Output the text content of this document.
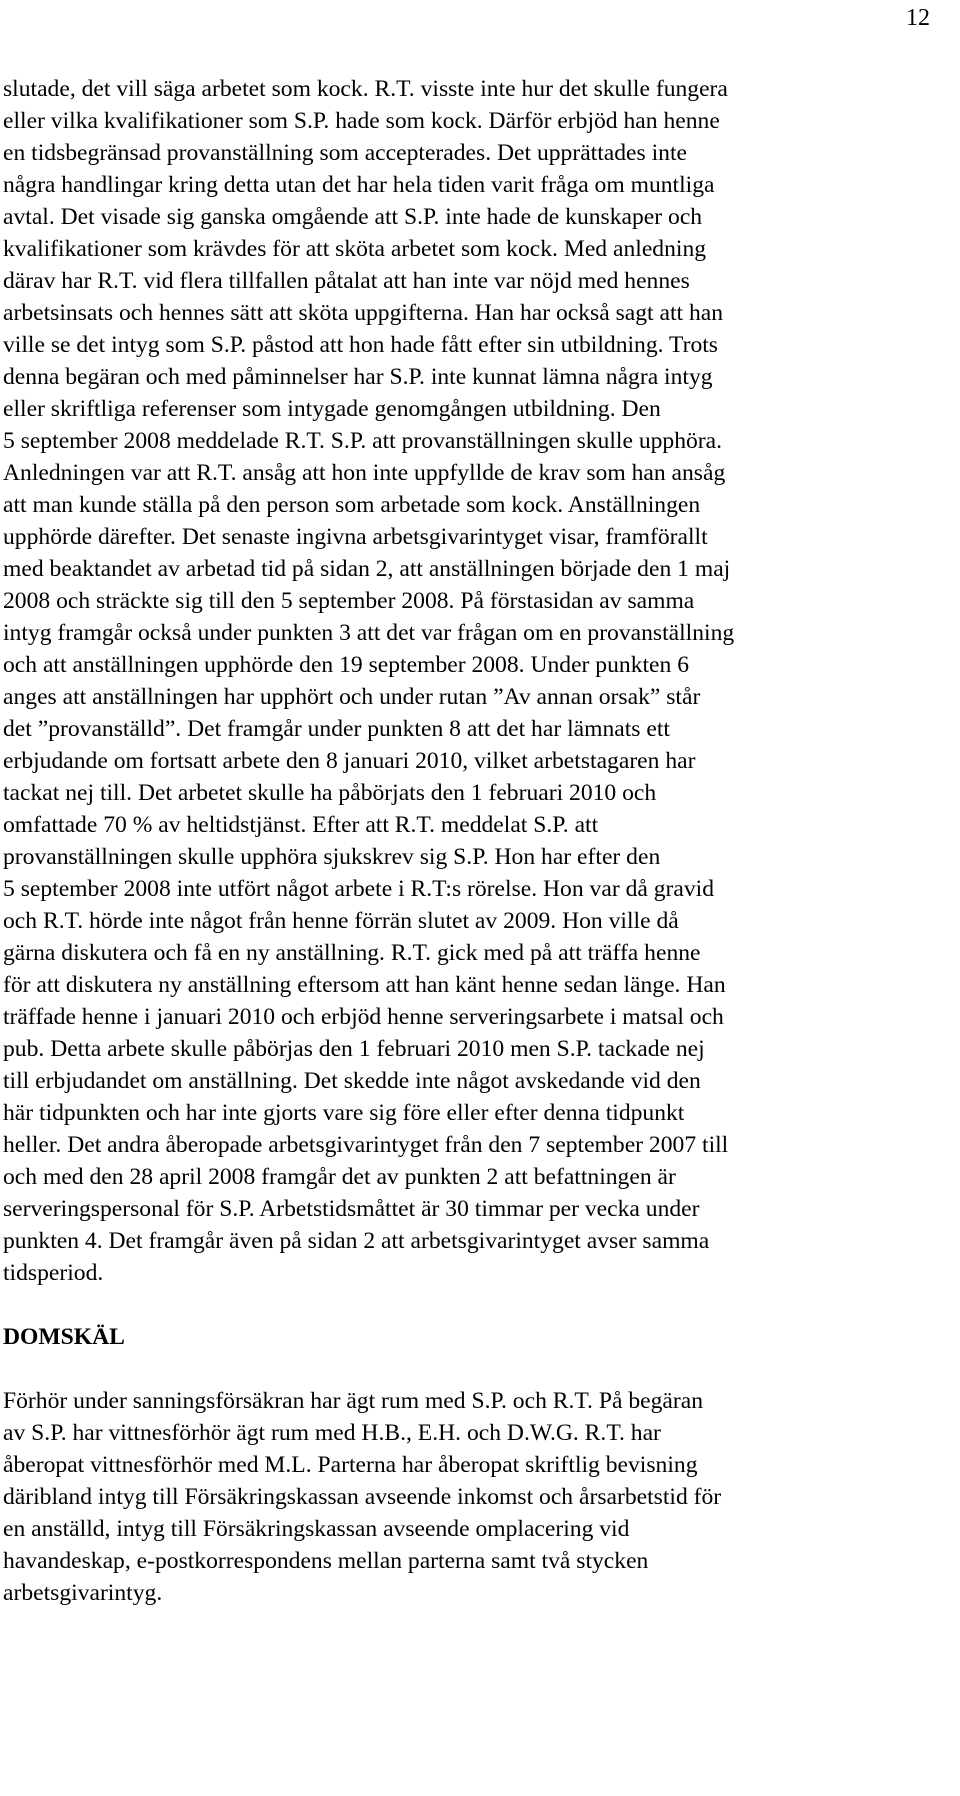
12
slutade, det vill säga arbetet som kock. R.T. visste inte hur det skulle fungera
eller vilka kvalifikationer som S.P. hade som kock. Därför erbjöd han henne
en tidsbegränsad provanställning som accepterades. Det upprättades inte
några handlingar kring detta utan det har hela tiden varit fråga om muntliga
avtal. Det visade sig ganska omgående att S.P. inte hade de kunskaper och
kvalifikationer som krävdes för att sköta arbetet som kock. Med anledning
därav har R.T. vid flera tillfallen påtalat att han inte var nöjd med hennes
arbetsinsats och hennes sätt att sköta uppgifterna. Han har också sagt att han
ville se det intyg som S.P. påstod att hon hade fått efter sin utbildning. Trots
denna begäran och med påminnelser har S.P. inte kunnat lämna några intyg
eller skriftliga referenser som intygade genomgången utbildning. Den
5 september 2008 meddelade R.T. S.P. att provanställningen skulle upphöra.
Anledningen var att R.T. ansåg att hon inte uppfyllde de krav som han ansåg
att man kunde ställa på den person som arbetade som kock. Anställningen
upphörde därefter. Det senaste ingivna arbetsgivarintyget visar, framförallt
med beaktandet av arbetad tid på sidan 2, att anställningen började den 1 maj
2008 och sträckte sig till den 5 september 2008. På förstasidan av samma
intyg framgår också under punkten 3 att det var frågan om en provanställning
och att anställningen upphörde den 19 september 2008. Under punkten 6
anges att anställningen har upphört och under rutan ”Av annan orsak” står
det ”provanställd”. Det framgår under punkten 8 att det har lämnats ett
erbjudande om fortsatt arbete den 8 januari 2010, vilket arbetstagaren har
tackat nej till. Det arbetet skulle ha påbörjats den 1 februari 2010 och
omfattade 70 % av heltidstjänst. Efter att R.T. meddelat S.P. att
provanställningen skulle upphöra sjukskrev sig S.P. Hon har efter den
5 september 2008 inte utfört något arbete i R.T:s rörelse. Hon var då gravid
och R.T. hörde inte något från henne förrän slutet av 2009. Hon ville då
gärna diskutera och få en ny anställning. R.T. gick med på att träffa henne
för att diskutera ny anställning eftersom att han känt henne sedan länge. Han
träffade henne i januari 2010 och erbjöd henne serveringsarbete i matsal och
pub. Detta arbete skulle påbörjas den 1 februari 2010 men S.P. tackade nej
till erbjudandet om anställning. Det skedde inte något avskedande vid den
här tidpunkten och har inte gjorts vare sig före eller efter denna tidpunkt
heller. Det andra åberopade arbetsgivarintyget från den 7 september 2007 till
och med den 28 april 2008 framgår det av punkten 2 att befattningen är
serveringspersonal för S.P. Arbetstidsmåttet är 30 timmar per vecka under
punkten 4. Det framgår även på sidan 2 att arbetsgivarintyget avser samma
tidsperiod.
DOMSKÄL
Förhör under sanningsförsäkran har ägt rum med S.P. och R.T. På begäran
av S.P. har vittnesförhör ägt rum med H.B., E.H. och D.W.G. R.T. har
åberopat vittnesförhör med M.L. Parterna har åberopat skriftlig bevisning
däribland intyg till Försäkringskassan avseende inkomst och årsarbetstid för
en anställd, intyg till Försäkringskassan avseende omplacering vid
havandeskap, e-postkorrespondens mellan parterna samt två stycken
arbetsgivarintyg.
